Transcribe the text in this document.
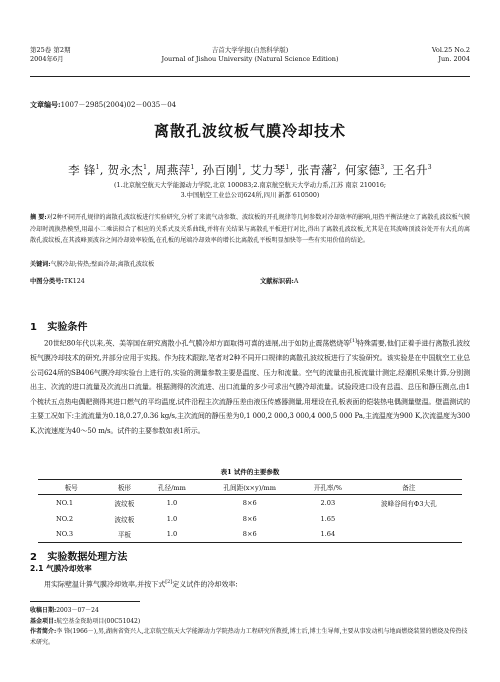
第25卷 第2期
2004年6月
吉首大学学报(自然科学版)
Journal of Jishou University (Natural Science Edition)
Vol.25 No.2
Jun. 2004
文章编号:1007－2985(2004)02－0035－04
离散孔波纹板气膜冷却技术
李 锋$^1$, 贺永杰$^1$, 周燕萍$^1$, 孙百刚$^1$, 艾力琴$^1$, 张青藩$^2$, 何家德$^3$, 王名升$^3$
(1.北京航空航天大学能源动力学院,北京 100083;2.南京航空航天大学动力系,江苏 南京 210016;
3.中国航空工业总公司624所,四川 新都 610500)
摘 要:对2种不同开孔规律的离散孔波纹板进行实验研究,分析了来流气动参数、波纹板的开孔规律等几何参数对冷却效率的影响,用热平衡法建立了离散孔波纹板气膜冷却时流换热模型,用最小二乘法拟合了相应的关系式及关系曲线,并将有关结果与离散孔平板进行对比,得出了离散孔波纹板,尤其是在其波峰顶波谷处开有大孔的离散孔波纹板,在其波峰顶波谷之间冷却效率较低,在孔板的尾端冷却效率的增长比离散孔平板明显加快等一些有实用价值的结论。
关键词:气膜冷却;传热;壁面冷却;离散孔波纹板
中图分类号:TK124	文献标识码:A
1 实验条件
20世纪80年代以来,英、美等国在研究离散小孔气膜冷却方面取得可喜的进展,出于如防止震荡燃烧等[1]特殊需要,他们正着手进行离散孔波纹板气膜冷却技术的研究,并部分应用于实践。作为技术跟踪,笔者对2种不同开口规律的离散孔波纹板进行了实验研究。该实验是在中国航空工业总公司624所的SB406气膜冷却实验台上进行的,实验的测量参数主要是温度、压力和流量。空气的流量由孔板流量计测定,经潮机采集计算,分别测出主、次流的进口流量及次流出口流量。根据测得的次流进、出口流量的多少可求出气膜冷却流量。试验段进口设有总温、总压和静压测点,由1个梳状五点热电偶耙测得其进口燃气的平均温度,试件沿程主次流静压差由液压传感器测量,用埋设在孔板表面的铠装热电偶测量壁温。壁温测试的主要工况如下:主流流量为0.18,0.27,0.36 kg/s,主次流间的静压差为0,1 000,2 000,3 000,4 000,5 000 Pa,主流温度为900 K,次流温度为300 K,次流速度为40～50 m/s。试件的主要参数如表1所示。
表1 试件的主要参数
板号	板形	孔径/mm	孔间距(x×y)/mm	开孔率/%	备注
NO.1	波纹板	1.0	8×6	2.03	波峰谷间有Φ3大孔
NO.2	波纹板	1.0	8×6	1.65	
NO.3	平板	1.0	8×6	1.64	
2 实验数据处理方法
2.1 气膜冷却效率
用实际壁温计算气膜冷却效率,并按下式[2]定义试件的冷却效率:
收稿日期:2003－07－24
基金项目:航空基金资助项目(00C51042)
作者简介:李 锋(1966－),男,湖南省资兴人,北京航空航天大学能源动力学院热动力工程研究所教授,博士后,博士生导师,主要从事发动机与地面燃烧装置的燃烧及传热技术研究。
